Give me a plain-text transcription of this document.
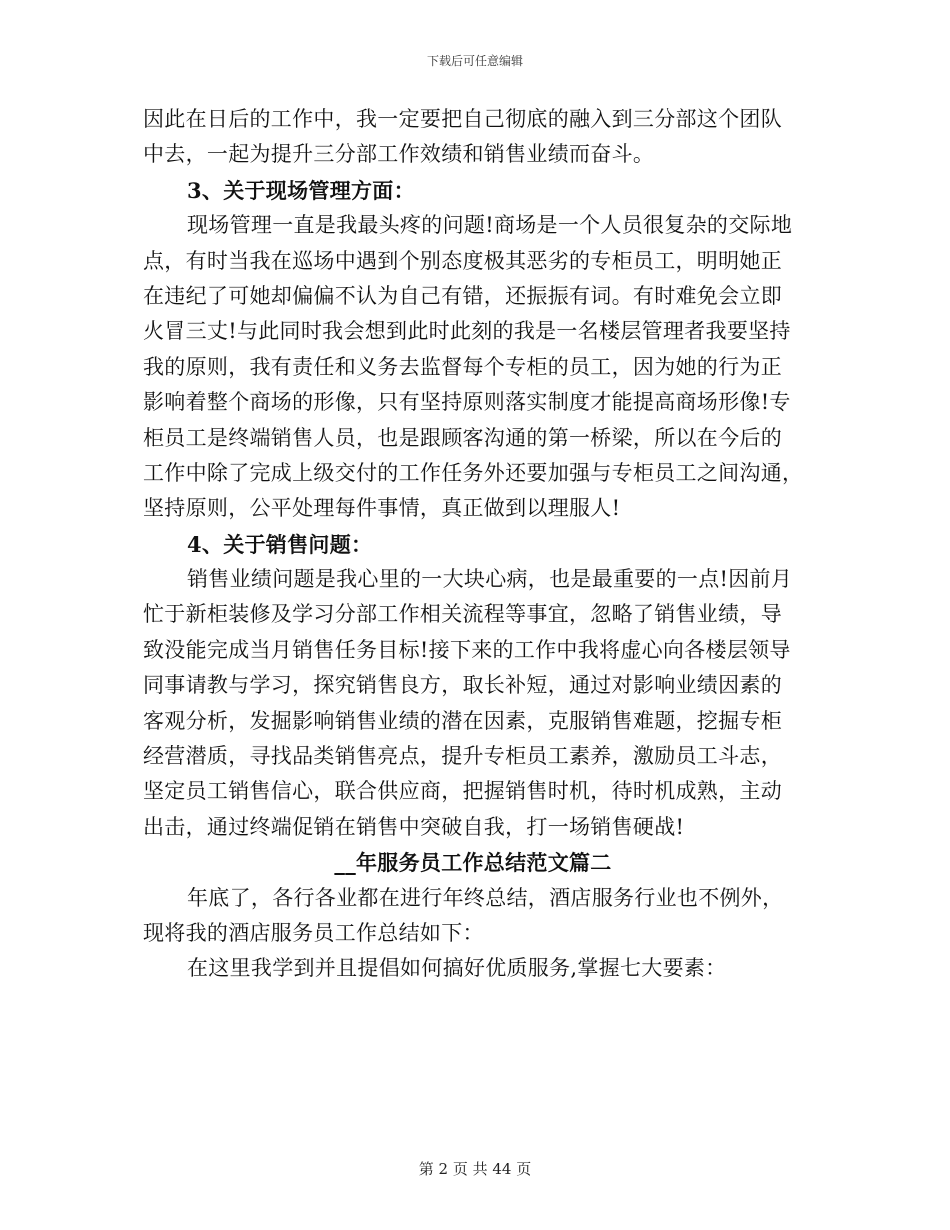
下载后可任意编辑
因此在日后的工作中，我一定要把自己彻底的融入到三分部这个团队
中去，一起为提升三分部工作效绩和销售业绩而奋斗。
3、关于现场管理方面：
现场管理一直是我最头疼的问题!商场是一个人员很复杂的交际地
点，有时当我在巡场中遇到个别态度极其恶劣的专柜员工，明明她正
在违纪了可她却偏偏不认为自己有错，还振振有词。有时难免会立即
火冒三丈!与此同时我会想到此时此刻的我是一名楼层管理者我要坚持
我的原则，我有责任和义务去监督每个专柜的员工，因为她的行为正
影响着整个商场的形像，只有坚持原则落实制度才能提高商场形像!专
柜员工是终端销售人员，也是跟顾客沟通的第一桥梁，所以在今后的
工作中除了完成上级交付的工作任务外还要加强与专柜员工之间沟通，
坚持原则，公平处理每件事情，真正做到以理服人!
4、关于销售问题：
销售业绩问题是我心里的一大块心病，也是最重要的一点!因前月
忙于新柜装修及学习分部工作相关流程等事宜，忽略了销售业绩，导
致没能完成当月销售任务目标!接下来的工作中我将虚心向各楼层领导
同事请教与学习，探究销售良方，取长补短，通过对影响业绩因素的
客观分析，发掘影响销售业绩的潜在因素，克服销售难题，挖掘专柜
经营潜质，寻找品类销售亮点，提升专柜员工素养，激励员工斗志，
坚定员工销售信心，联合供应商，把握销售时机，待时机成熟，主动
出击，通过终端促销在销售中突破自我，打一场销售硬战!
__年服务员工作总结范文篇二
年底了，各行各业都在进行年终总结，酒店服务行业也不例外，
现将我的酒店服务员工作总结如下：
在这里我学到并且提倡如何搞好优质服务,掌握七大要素：
第 2 页 共 44 页
